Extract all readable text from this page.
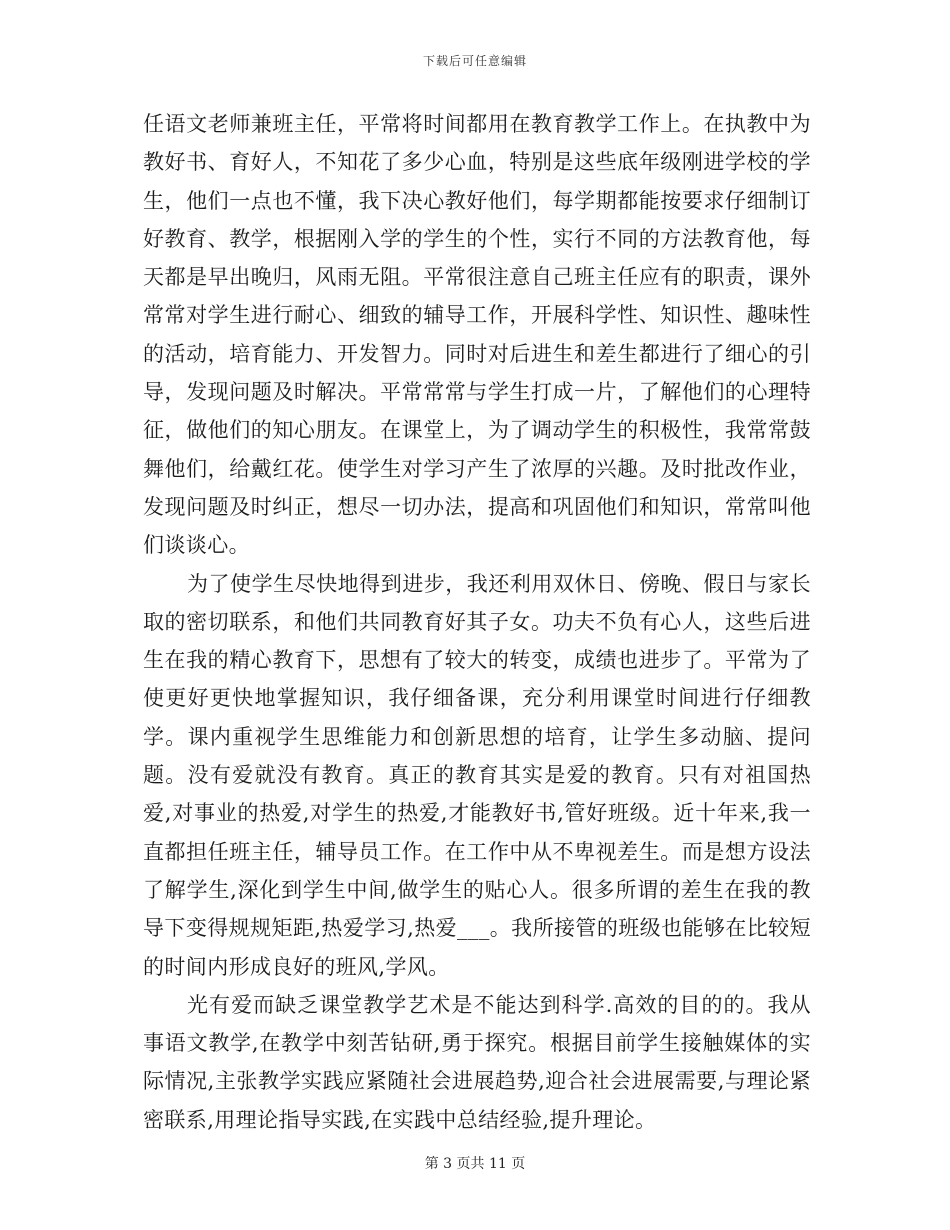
下载后可任意编辑

任语文老师兼班主任，平常将时间都用在教育教学工作上。在执教中为教好书、育好人，不知花了多少心血，特别是这些底年级刚进学校的学生，他们一点也不懂，我下决心教好他们，每学期都能按要求仔细制订好教育、教学，根据刚入学的学生的个性，实行不同的方法教育他，每天都是早出晚归，风雨无阻。平常很注意自己班主任应有的职责，课外常常对学生进行耐心、细致的辅导工作，开展科学性、知识性、趣味性的活动，培育能力、开发智力。同时对后进生和差生都进行了细心的引导，发现问题及时解决。平常常常与学生打成一片，了解他们的心理特征，做他们的知心朋友。在课堂上，为了调动学生的积极性，我常常鼓舞他们，给戴红花。使学生对学习产生了浓厚的兴趣。及时批改作业，发现问题及时纠正，想尽一切办法，提高和巩固他们和知识，常常叫他们谈谈心。

为了使学生尽快地得到进步，我还利用双休日、傍晚、假日与家长取的密切联系，和他们共同教育好其子女。功夫不负有心人，这些后进生在我的精心教育下，思想有了较大的转变，成绩也进步了。平常为了使更好更快地掌握知识，我仔细备课，充分利用课堂时间进行仔细教学。课内重视学生思维能力和创新思想的培育，让学生多动脑、提问题。没有爱就没有教育。真正的教育其实是爱的教育。只有对祖国热爱,对事业的热爱,对学生的热爱,才能教好书,管好班级。近十年来,我一直都担任班主任，辅导员工作。在工作中从不卑视差生。而是想方设法了解学生,深化到学生中间,做学生的贴心人。很多所谓的差生在我的教导下变得规规矩距,热爱学习,热爱___。我所接管的班级也能够在比较短的时间内形成良好的班风,学风。

光有爱而缺乏课堂教学艺术是不能达到科学.高效的目的的。我从事语文教学,在教学中刻苦钻研,勇于探究。根据目前学生接触媒体的实际情况,主张教学实践应紧随社会进展趋势,迎合社会进展需要,与理论紧密联系,用理论指导实践,在实践中总结经验,提升理论。

第 3 页共 11 页
